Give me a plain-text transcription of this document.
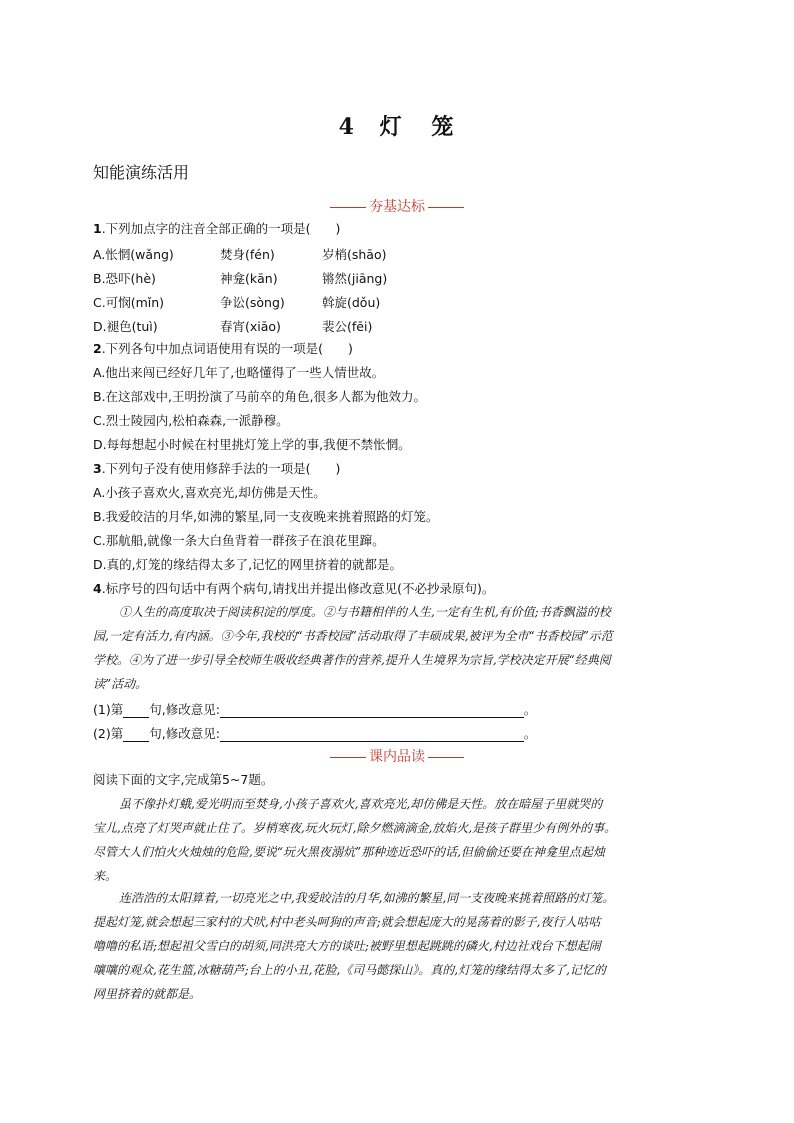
4 灯 笼
知能演练活用
夯基达标
1.下列加点字的注音全部正确的一项是(　　)
A.怅惘(wǎng)	焚身(fén)	岁梢(shāo)
B.恐吓(hè)	神龛(kān)	锵然(jiāng)
C.可悯(mǐn)	争讼(sòng)	斡旋(dǒu)
D.褪色(tuì)	春宵(xiāo)	裴公(fēi)
2.下列各句中加点词语使用有误的一项是(　　)
A.他出来闯已经好几年了,也略懂得了一些人情世故。
B.在这部戏中,王明扮演了马前卒的角色,很多人都为他效力。
C.烈士陵园内,松柏森森,一派静穆。
D.每每想起小时候在村里挑灯笼上学的事,我便不禁怅惘。
3.下列句子没有使用修辞手法的一项是(　　)
A.小孩子喜欢火,喜欢亮光,却仿佛是天性。
B.我爱皎洁的月华,如沸的繁星,同一支夜晚来挑着照路的灯笼。
C.那航船,就像一条大白鱼背着一群孩子在浪花里蹿。
D.真的,灯笼的缘结得太多了,记忆的网里挤着的就都是。
4.标序号的四句话中有两个病句,请找出并提出修改意见(不必抄录原句)。
①人生的高度取决于阅读积淀的厚度。②与书籍相伴的人生,一定有生机,有价值;书香飘溢的校
园,一定有活力,有内涵。③今年,我校的“书香校园”活动取得了丰硕成果,被评为全市“书香校园”示范
学校。④为了进一步引导全校师生吸收经典著作的营养,提升人生境界为宗旨,学校决定开展“经典阅
读”活动。
(1)第 句,修改意见:	。
(2)第 句,修改意见:	。
课内品读
阅读下面的文字,完成第5~7题。
虽不像扑灯蛾,爱光明而至焚身,小孩子喜欢火,喜欢亮光,却仿佛是天性。放在暗屋子里就哭的
宝儿,点亮了灯哭声就止住了。岁梢寒夜,玩火玩灯,除夕燃滴滴金,放焰火,是孩子群里少有例外的事。
尽管大人们怕火火烛烛的危险,要说“玩火黑夜溺炕”那种迹近恐吓的话,但偷偷还要在神龛里点起烛
来。
连浩浩的太阳算着,一切亮光之中,我爱皎洁的月华,如沸的繁星,同一支夜晚来挑着照路的灯笼。
提起灯笼,就会想起三家村的犬吠,村中老头呵狗的声音;就会想起庞大的晃荡着的影子,夜行人咕咕
噜噜的私语;想起祖父雪白的胡须,同洪亮大方的谈吐;被野里想起跳跳的磷火,村边社戏台下想起闹
嚷嚷的观众,花生篮,冰糖葫芦;台上的小丑,花脸,《司马懿探山》。真的,灯笼的缘结得太多了,记忆的
网里挤着的就都是。
